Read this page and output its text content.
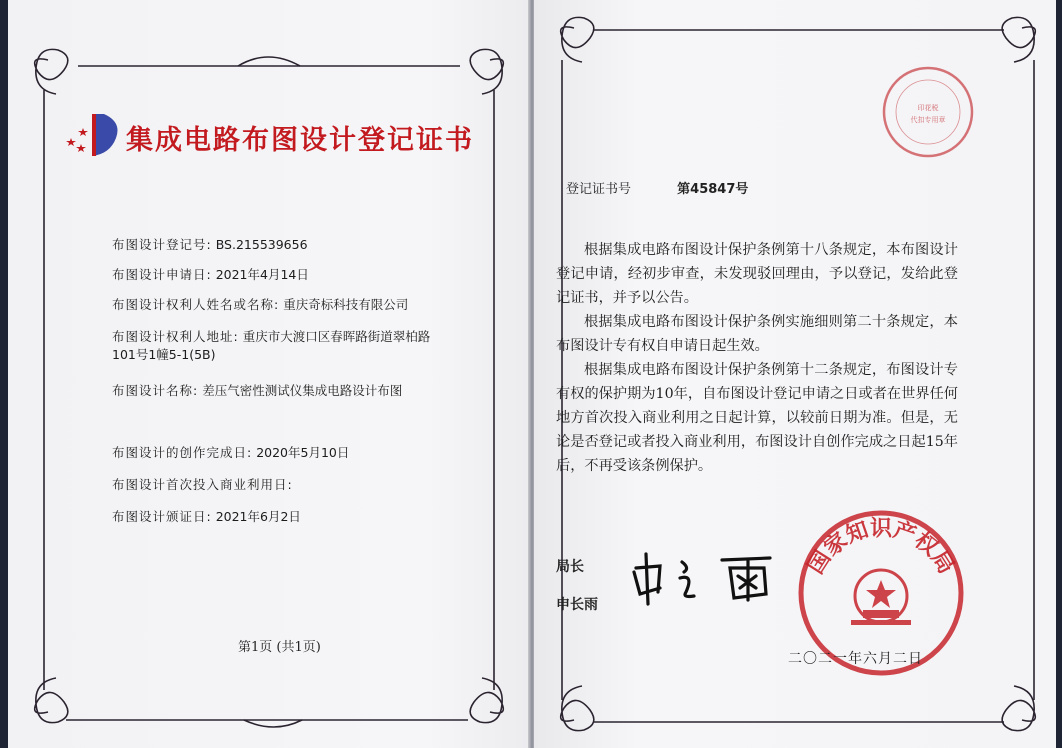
集成电路布图设计登记证书
布图设计登记号: BS.215539656
布图设计申请日: 2021年4月14日
布图设计权利人姓名或名称: 重庆奇标科技有限公司
布图设计权利人地址: 重庆市大渡口区春晖路街道翠柏路101号1幢5-1(5B)
布图设计名称: 差压气密性测试仪集成电路设计布图
布图设计的创作完成日: 2020年5月10日
布图设计首次投入商业利用日:
布图设计颁证日: 2021年6月2日
第1页 (共1页)
印花税
代扣专用章
登记证书号	第45847号
根据集成电路布图设计保护条例第十八条规定，本布图设计登记申请，经初步审查，未发现驳回理由，予以登记，发给此登记证书，并予以公告。
根据集成电路布图设计保护条例实施细则第二十条规定，本布图设计专有权自申请日起生效。
根据集成电路布图设计保护条例第十二条规定，布图设计专有权的保护期为10年，自布图设计登记申请之日或者在世界任何地方首次投入商业利用之日起计算，以较前日期为准。但是，无论是否登记或者投入商业利用，布图设计自创作完成之日起15年后，不再受该条例保护。
局长
申长雨
国家知识产权局
二〇二一年六月二日
